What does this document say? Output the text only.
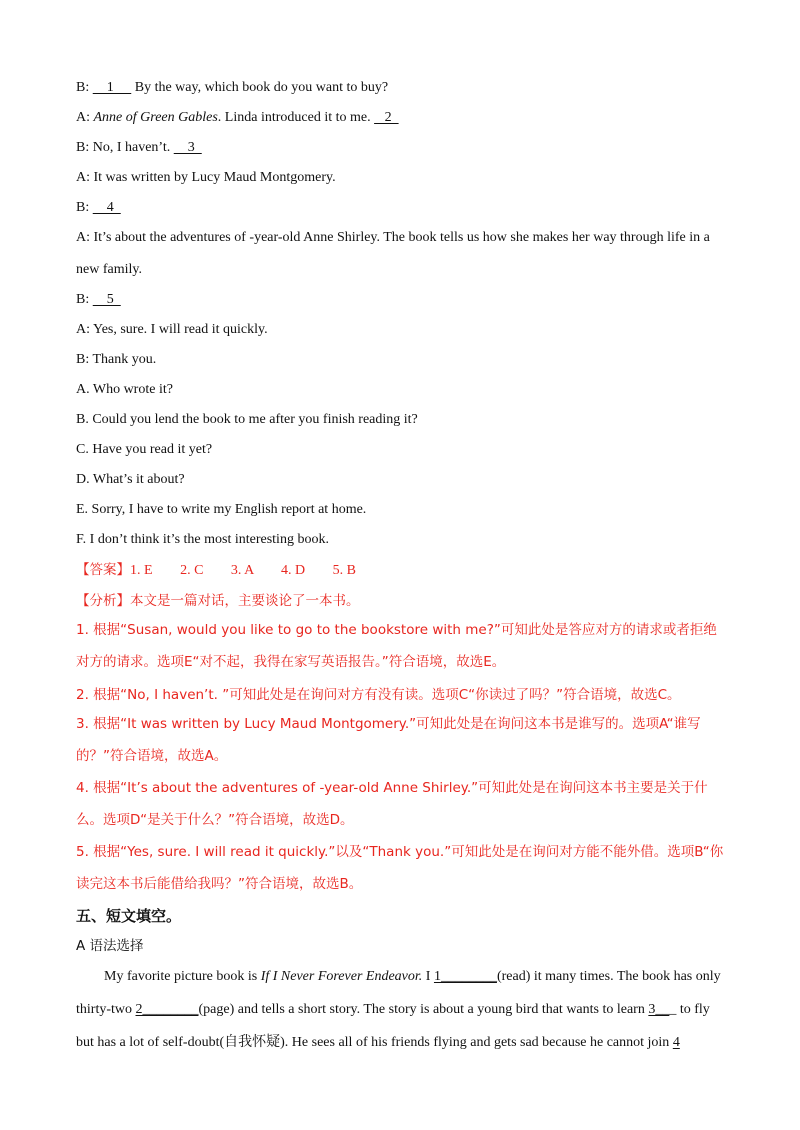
B:     1      By the way, which book do you want to buy?
A: Anne of Green Gables. Linda introduced it to me.    2
B: No, I haven’t.     3
A: It was written by Lucy Maud Montgomery.
B:     4
A: It’s about the adventures of -year-old Anne Shirley. The book tells us how she makes her way through life in a new family.
B:     5
A: Yes, sure. I will read it quickly.
B: Thank you.
A. Who wrote it?
B. Could you lend the book to me after you finish reading it?
C. Have you read it yet?
D. What’s it about?
E. Sorry, I have to write my English report at home.
F. I don’t think it’s the most interesting book.
【答案】1. E 2. C 3. A 4. D 5. B
【分析】本文是一篇对话，主要谈论了一本书。
1. 根据“Susan, would you like to go to the bookstore with me?”可知此处是答应对方的请求或者拒绝对方的请求。选项E“对不起，我得在家写英语报告。”符合语境，故选E。
2. 根据“No, I haven’t. ”可知此处是在询问对方有没有读。选项C“你读过了吗？”符合语境，故选C。
3. 根据“It was written by Lucy Maud Montgomery.”可知此处是在询问这本书是谁写的。选项A“谁写的？”符合语境，故选A。
4. 根据“It’s about the adventures of -year-old Anne Shirley.”可知此处是在询问这本书主要是关于什么。选项D“是关于什么？”符合语境，故选D。
5. 根据“Yes, sure. I will read it quickly.”以及“Thank you.”可知此处是在询问对方能不能外借。选项B“你读完这本书后能借给我吗？”符合语境，故选B。
五、短文填空。
A 语法选择
My favorite picture book is If I Never Forever Endeavor. I 1________(read) it many times. The book has only thirty-two 2________(page) and tells a short story. The story is about a young bird that wants to learn 3___ to fly but has a lot of self-doubt(自我怀疑). He sees all of his friends flying and gets sad because he cannot join 4
